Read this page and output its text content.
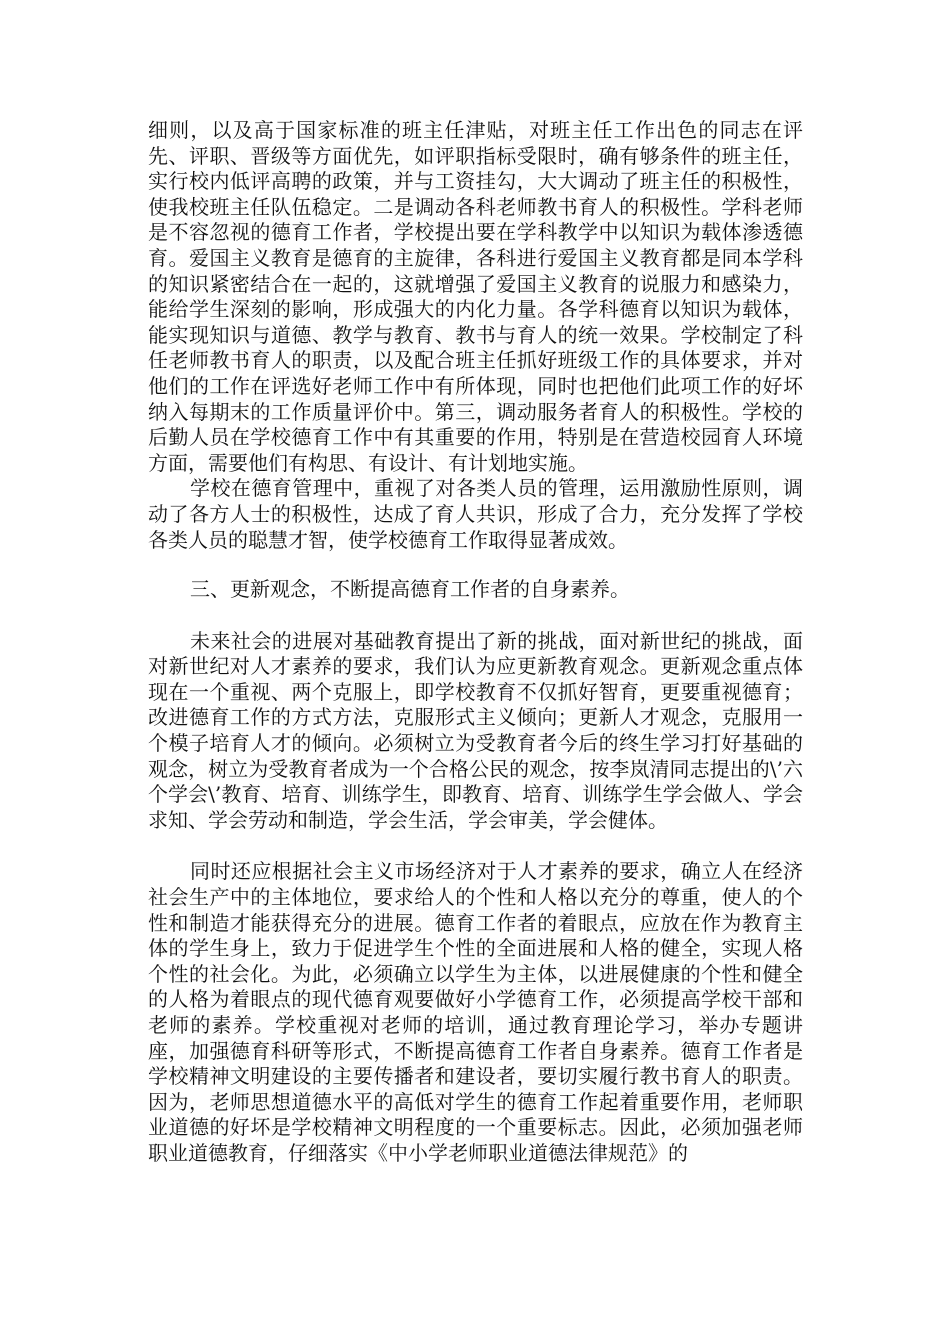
细则，以及高于国家标准的班主任津贴，对班主任工作出色的同志在评先、评职、晋级等方面优先，如评职指标受限时，确有够条件的班主任，实行校内低评高聘的政策，并与工资挂勾，大大调动了班主任的积极性，使我校班主任队伍稳定。二是调动各科老师教书育人的积极性。学科老师是不容忽视的德育工作者，学校提出要在学科教学中以知识为载体渗透德育。爱国主义教育是德育的主旋律，各科进行爱国主义教育都是同本学科的知识紧密结合在一起的，这就增强了爱国主义教育的说服力和感染力，能给学生深刻的影响，形成强大的内化力量。各学科德育以知识为载体，能实现知识与道德、教学与教育、教书与育人的统一效果。学校制定了科任老师教书育人的职责，以及配合班主任抓好班级工作的具体要求，并对他们的工作在评选好老师工作中有所体现，同时也把他们此项工作的好坏纳入每期末的工作质量评价中。第三，调动服务者育人的积极性。学校的后勤人员在学校德育工作中有其重要的作用，特别是在营造校园育人环境方面，需要他们有构思、有设计、有计划地实施。

学校在德育管理中，重视了对各类人员的管理，运用激励性原则，调动了各方人士的积极性，达成了育人共识，形成了合力，充分发挥了学校各类人员的聪慧才智，使学校德育工作取得显著成效。

三、更新观念，不断提高德育工作者的自身素养。

未来社会的进展对基础教育提出了新的挑战，面对新世纪的挑战，面对新世纪对人才素养的要求，我们认为应更新教育观念。更新观念重点体现在一个重视、两个克服上，即学校教育不仅抓好智育，更要重视德育；改进德育工作的方式方法，克服形式主义倾向；更新人才观念，克服用一个模子培育人才的倾向。必须树立为受教育者今后的终生学习打好基础的观念，树立为受教育者成为一个合格公民的观念，按李岚清同志提出的\’六个学会\’教育、培育、训练学生，即教育、培育、训练学生学会做人、学会求知、学会劳动和制造，学会生活，学会审美，学会健体。

同时还应根据社会主义市场经济对于人才素养的要求，确立人在经济社会生产中的主体地位，要求给人的个性和人格以充分的尊重，使人的个性和制造才能获得充分的进展。德育工作者的着眼点，应放在作为教育主体的学生身上，致力于促进学生个性的全面进展和人格的健全，实现人格个性的社会化。为此，必须确立以学生为主体，以进展健康的个性和健全的人格为着眼点的现代德育观要做好小学德育工作，必须提高学校干部和老师的素养。学校重视对老师的培训，通过教育理论学习，举办专题讲座，加强德育科研等形式，不断提高德育工作者自身素养。德育工作者是学校精神文明建设的主要传播者和建设者，要切实履行教书育人的职责。因为，老师思想道德水平的高低对学生的德育工作起着重要作用，老师职业道德的好坏是学校精神文明程度的一个重要标志。因此，必须加强老师职业道德教育，仔细落实《中小学老师职业道德法律规范》的
